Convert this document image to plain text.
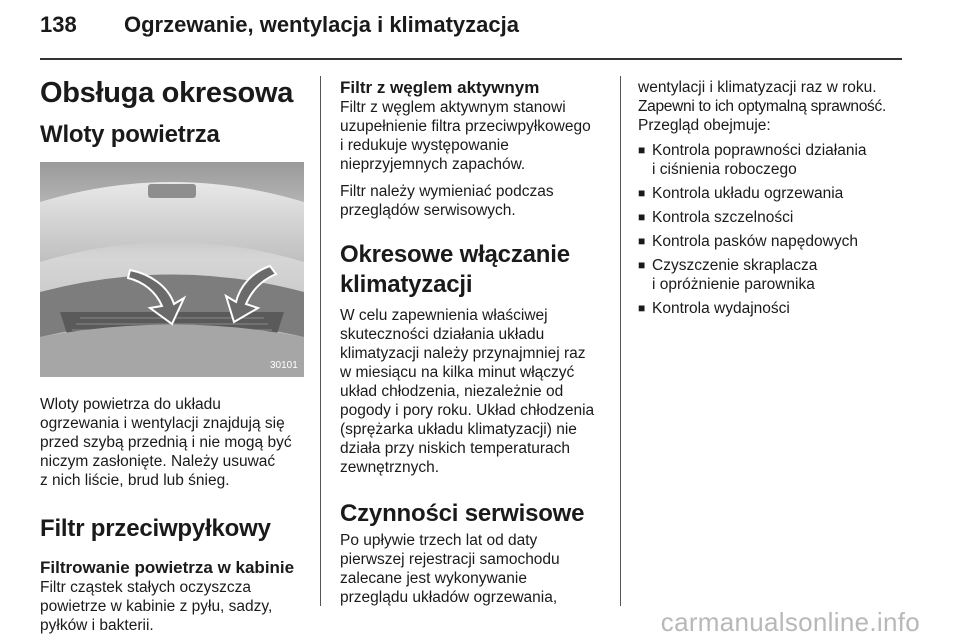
138 Ogrzewanie, wentylacja i klimatyzacja
Obsługa okresowa
Wloty powietrza
30101

Wloty powietrza do układu
ogrzewania i wentylacji znajdują się
przed szybą przednią i nie mogą być
niczym zasłonięte. Należy usuwać
z nich liście, brud lub śnieg.

Filtr przeciwpyłkowy
Filtrowanie powietrza w kabinie

Filtr cząstek stałych oczyszcza
powietrze w kabinie z pyłu, sadzy,
pyłków i bakterii.

Filtr z węglem aktywnym

Filtr z węglem aktywnym stanowi
uzupełnienie filtra przeciwpyłkowego
i redukuje występowanie
nieprzyjemnych zapachów.

Filtr należy wymieniać podczas
przeglądów serwisowych.

Okresowe włączanie
klimatyzacji

W celu zapewnienia właściwej
skuteczności działania układu
klimatyzacji należy przynajmniej raz
w miesiącu na kilka minut włączyć
układ chłodzenia, niezależnie od
pogody i pory roku. Układ chłodzenia
(sprężarka układu klimatyzacji) nie
działa przy niskich temperaturach
zewnętrznych.

Czynności serwisowe

Po upływie trzech lat od daty
pierwszej rejestracji samochodu
zalecane jest wykonywanie
przeglądu układów ogrzewania,

wentylacji i klimatyzacji raz w roku.
Zapewni to ich optymalną sprawność.
Przegląd obejmuje:

■ Kontrola poprawności działania
i ciśnienia roboczego
■ Kontrola układu ogrzewania
■ Kontrola szczelności
■ Kontrola pasków napędowych
■ Czyszczenie skraplacza
i opróżnienie parownika
■ Kontrola wydajności
carmanualsonline.info
